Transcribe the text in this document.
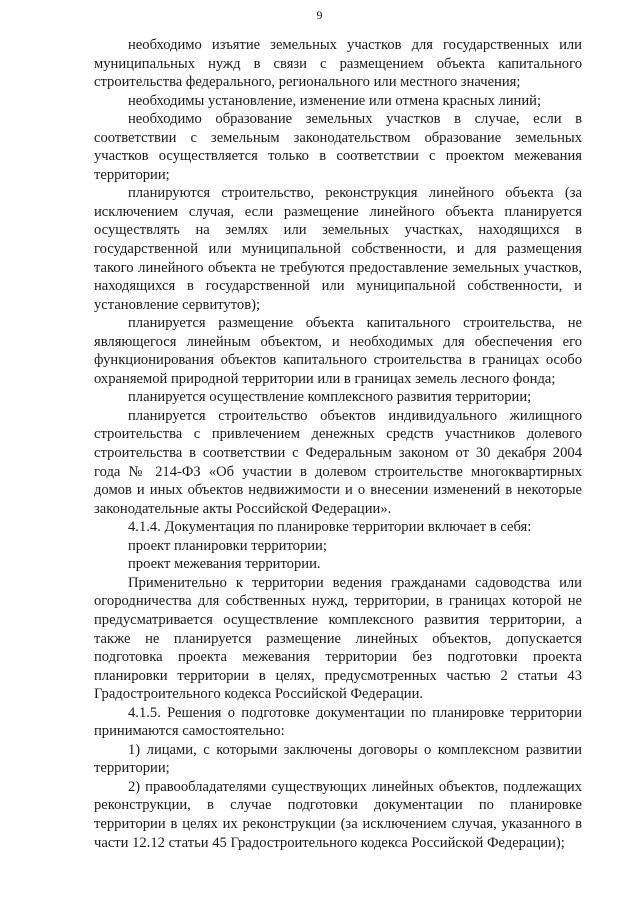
9

необходимо изъятие земельных участков для государственных или муниципальных нужд в связи с размещением объекта капитального строительства федерального, регионального или местного значения;

необходимы установление, изменение или отмена красных линий;

необходимо образование земельных участков в случае, если в соответствии с земельным законодательством образование земельных участков осуществляется только в соответствии с проектом межевания территории;

планируются строительство, реконструкция линейного объекта (за исключением случая, если размещение линейного объекта планируется осуществлять на землях или земельных участках, находящихся в государственной или муниципальной собственности, и для размещения такого линейного объекта не требуются предоставление земельных участков, находящихся в государственной или муниципальной собственности, и установление сервитутов);

планируется размещение объекта капитального строительства, не являющегося линейным объектом, и необходимых для обеспечения его функционирования объектов капитального строительства в границах особо охраняемой природной территории или в границах земель лесного фонда;

планируется осуществление комплексного развития территории;

планируется строительство объектов индивидуального жилищного строительства с привлечением денежных средств участников долевого строительства в соответствии с Федеральным законом от 30 декабря 2004 года № 214-ФЗ «Об участии в долевом строительстве многоквартирных домов и иных объектов недвижимости и о внесении изменений в некоторые законодательные акты Российской Федерации».

4.1.4. Документация по планировке территории включает в себя:

проект планировки территории;

проект межевания территории.

Применительно к территории ведения гражданами садоводства или огородничества для собственных нужд, территории, в границах которой не предусматривается осуществление комплексного развития территории, а также не планируется размещение линейных объектов, допускается подготовка проекта межевания территории без подготовки проекта планировки территории в целях, предусмотренных частью 2 статьи 43 Градостроительного кодекса Российской Федерации.

4.1.5. Решения о подготовке документации по планировке территории принимаются самостоятельно:

1) лицами, с которыми заключены договоры о комплексном развитии территории;

2) правообладателями существующих линейных объектов, подлежащих реконструкции, в случае подготовки документации по планировке территории в целях их реконструкции (за исключением случая, указанного в части 12.12 статьи 45 Градостроительного кодекса Российской Федерации);
